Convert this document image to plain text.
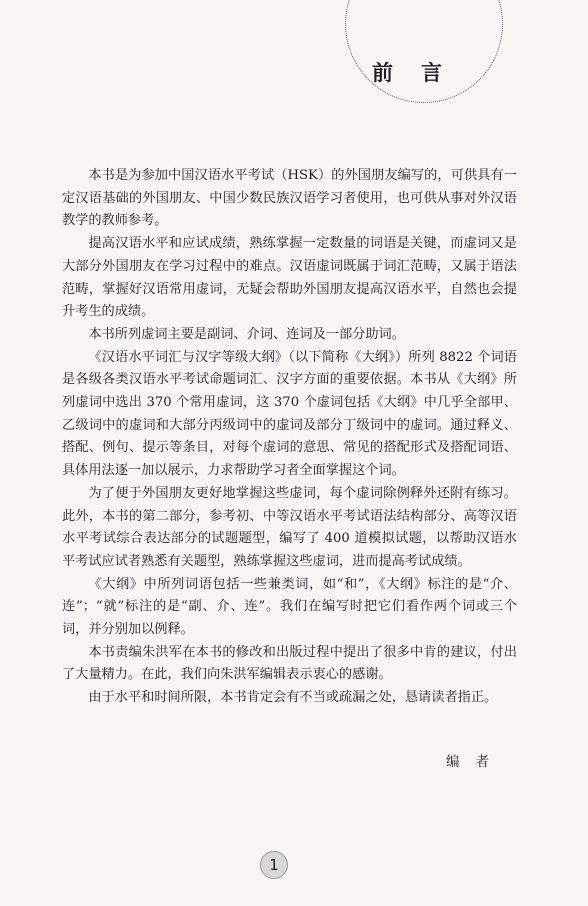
前言

本书是为参加中国汉语水平考试（HSK）的外国朋友编写的，可供具有一定汉语基础的外国朋友、中国少数民族汉语学习者使用，也可供从事对外汉语教学的教师参考。

提高汉语水平和应试成绩，熟练掌握一定数量的词语是关键，而虚词又是大部分外国朋友在学习过程中的难点。汉语虚词既属于词汇范畴，又属于语法范畴，掌握好汉语常用虚词，无疑会帮助外国朋友提高汉语水平，自然也会提升考生的成绩。

本书所列虚词主要是副词、介词、连词及一部分助词。

《汉语水平词汇与汉字等级大纲》（以下简称《大纲》）所列 8822 个词语是各级各类汉语水平考试命题词汇、汉字方面的重要依据。本书从《大纲》所列虚词中选出 370 个常用虚词，这 370 个虚词包括《大纲》中几乎全部甲、乙级词中的虚词和大部分丙级词中的虚词及部分丁级词中的虚词。通过释义、搭配、例句、提示等条目，对每个虚词的意思、常见的搭配形式及搭配词语、具体用法逐一加以展示，力求帮助学习者全面掌握这个词。

为了便于外国朋友更好地掌握这些虚词，每个虚词除例释外还附有练习。此外，本书的第二部分，参考初、中等汉语水平考试语法结构部分、高等汉语水平考试综合表达部分的试题题型，编写了 400 道模拟试题，以帮助汉语水平考试应试者熟悉有关题型，熟练掌握这些虚词，进而提高考试成绩。

《大纲》中所列词语包括一些兼类词，如“和”，《大纲》标注的是“介、连”；“就”标注的是“副、介、连”。我们在编写时把它们看作两个词或三个词，并分别加以例释。

本书责编朱洪军在本书的修改和出版过程中提出了很多中肯的建议，付出了大量精力。在此，我们向朱洪军编辑表示衷心的感谢。

由于水平和时间所限，本书肯定会有不当或疏漏之处，恳请读者指正。

编者
1
